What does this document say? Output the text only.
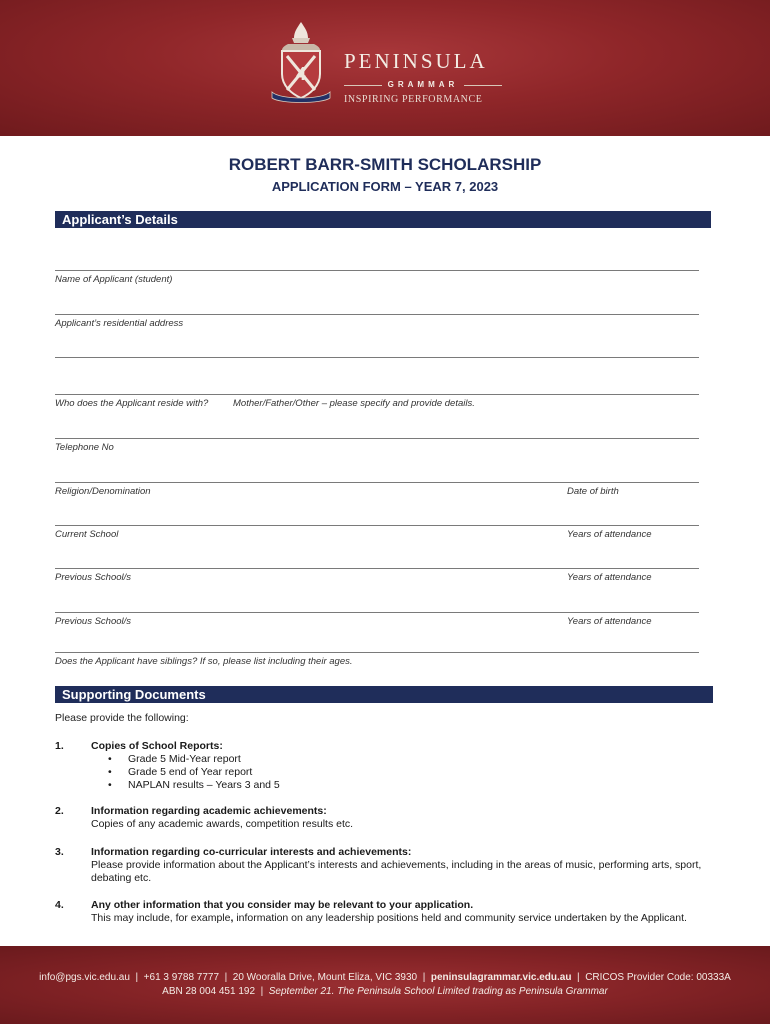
4
PENINSULA
GRAMMAR
INSPIRING PERFORMANCE
ROBERT BARR-SMITH SCHOLARSHIP
APPLICATION FORM – YEAR 7, 2023
Applicant’s Details
Name of Applicant (student)
Applicant’s residential address
Who does the Applicant reside with?	Mother/Father/Other – please specify and provide details.
Telephone No
Religion/Denomination	Date of birth
Current School	Years of attendance
Previous School/s	Years of attendance
Previous School/s	Years of attendance
Does the Applicant have siblings? If so, please list including their ages.
Supporting Documents
Please provide the following:
1.	Copies of School Reports:
• Grade 5 Mid-Year report
• Grade 5 end of Year report
• NAPLAN results – Years 3 and 5
2.	Information regarding academic achievements:
Copies of any academic awards, competition results etc.
3.	Information regarding co-curricular interests and achievements:
Please provide information about the Applicant’s interests and achievements, including in the areas of music, performing arts, sport, debating etc.
4.	Any other information that you consider may be relevant to your application.
This may include, for example, information on any leadership positions held and community service undertaken by the Applicant.
info@pgs.vic.edu.au | +61 3 9788 7777 | 20 Wooralla Drive, Mount Eliza, VIC 3930 | peninsulagrammar.vic.edu.au | CRICOS Provider Code: 00333A
ABN 28 004 451 192 | September 21. The Peninsula School Limited trading as Peninsula Grammar
